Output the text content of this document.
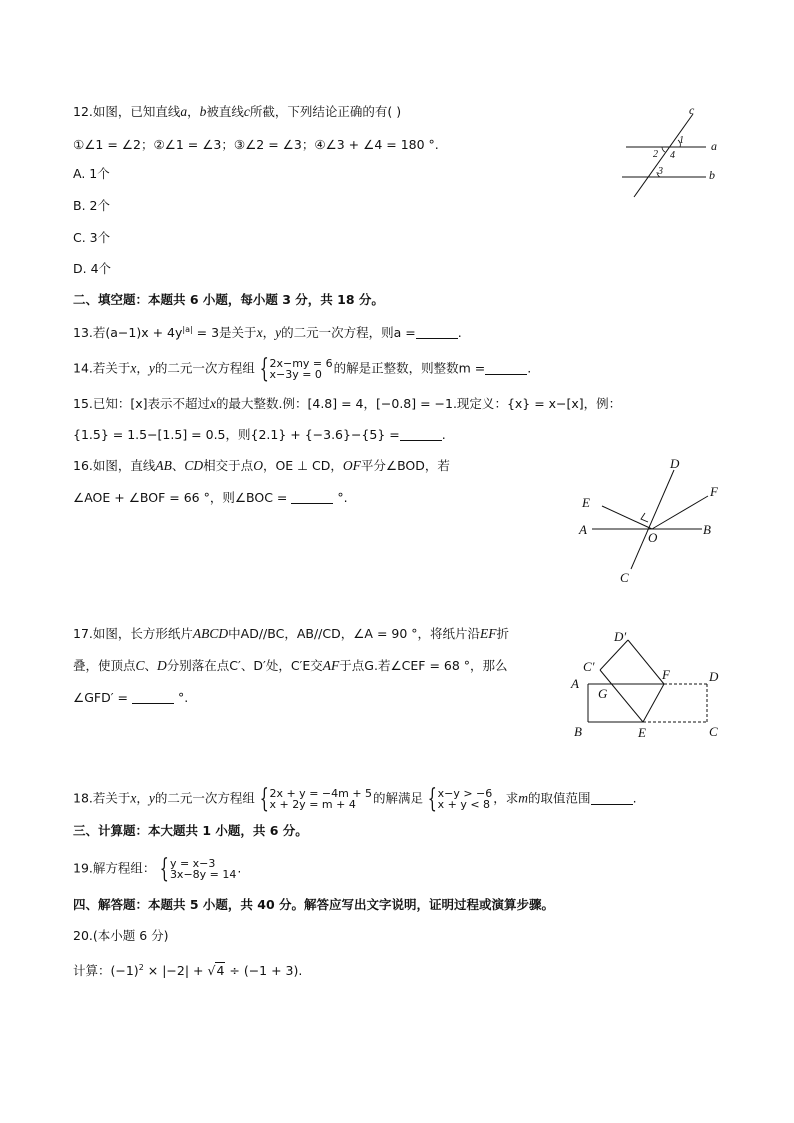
12.如图，已知直线a，b被直线c所截，下列结论正确的有( )
①∠1 = ∠2；②∠1 = ∠3；③∠2 = ∠3；④∠3 + ∠4 = 180 °.
A. 1个
B. 2个
C. 3个
D. 4个
c
a
b
1
2 4
3
二、填空题：本题共 6 小题，每小题 3 分，共 18 分。
13.若$(a-1)x + 4y^{|a|} = 3$是关于x，y的二元一次方程，则a =	.
14.若关于x，y的二元一次方程组 { 2x−my = 6
x−3y = 0 的解是正整数，则整数m =	.
15.已知：[x]表示不超过x的最大整数.例：[4.8] = 4，[−0.8] = −1.现定义：{x} = x−[x]，例：
{1.5} = 1.5−[1.5] = 0.5，则{2.1} + {−3.6}−{5} =	.
16.如图，直线AB、CD相交于点O，OE ⊥ CD，OF平分∠BOD，若
∠AOE + ∠BOF = 66 °，则∠BOC =	°.
D
E
F
A
O
B
C
17.如图，长方形纸片ABCD中AD//BC，AB//CD，∠A = 90 °，将纸片沿EF折
叠，使顶点C、D分别落在点C′、D′处，C′E交AF于点G.若∠CEF = 68 °，那么
∠GFD′ =	°.
D′
C′
A
G
F	D
B	E	C
18.若关于x，y的二元一次方程组 { 2x + y = −4m + 5
x + 2y = m + 4	的解满足 { x−y > −6
x + y < 8 ，求m的取值范围	.
三、计算题：本大题共 1 小题，共 6 分。
19.解方程组： { y = x−3
3x−8y = 14 .
四、解答题：本题共 5 小题，共 40 分。解答应写出文字说明，证明过程或演算步骤。
20.(本小题 6 分)
计算：$(-1)^2 \times |-2| + √4 \div (-1 + 3)$.
